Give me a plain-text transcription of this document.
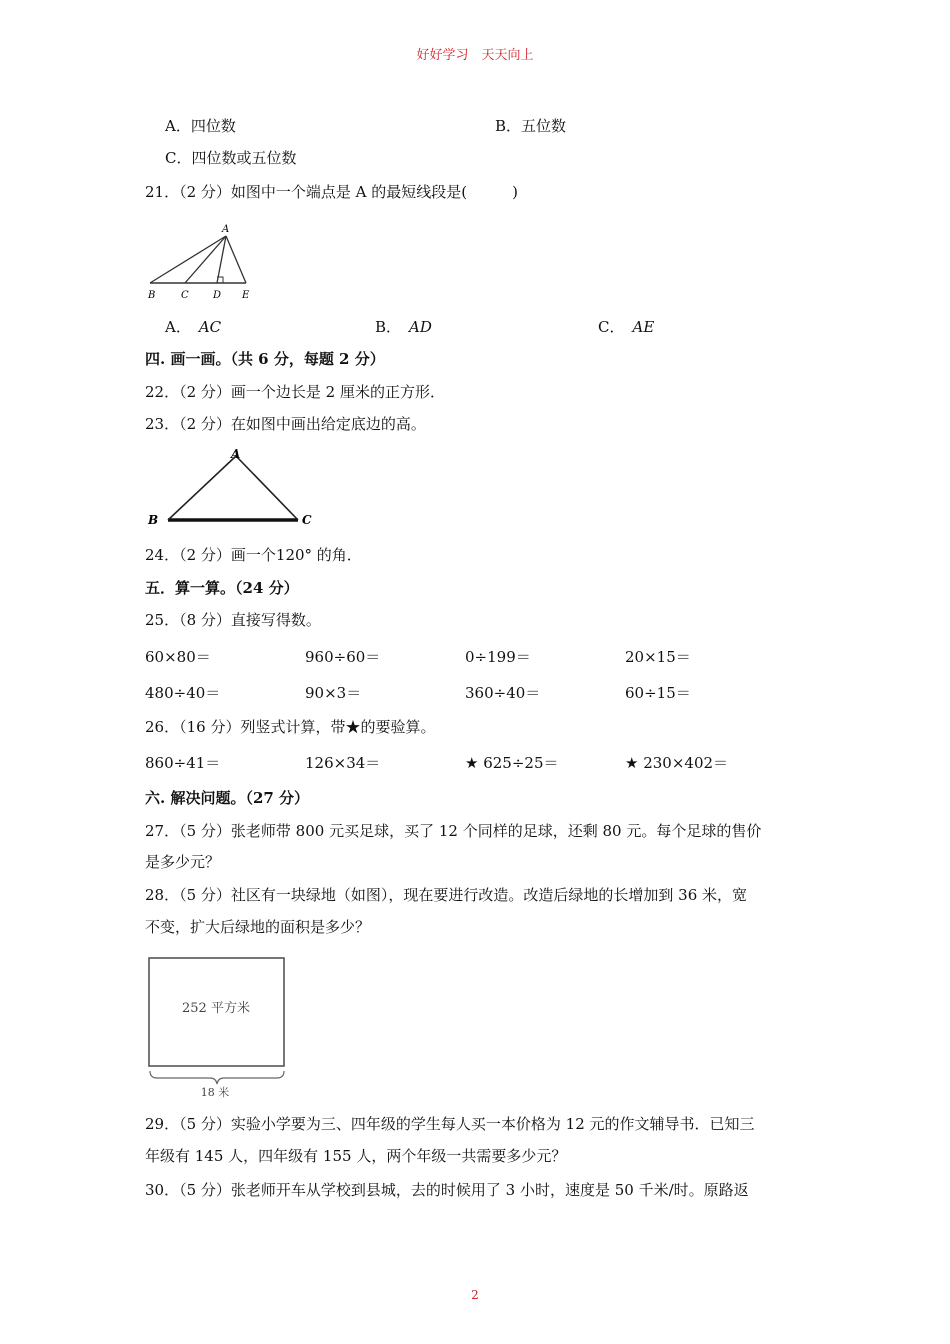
好好学习　天天向上
A．四位数	B．五位数
C．四位数或五位数
21．（2 分）如图中一个端点是 A 的最短线段是(　　　)
A
B	C D E
A． AC	B． AD	C． AE
四. 画一画。（共 6 分，每题 2 分）
22．（2 分）画一个边长是 2 厘米的正方形．
23．（2 分）在如图中画出给定底边的高。
A
B	C
24．（2 分）画一个120° 的角．
五．算一算。（24 分）
25．（8 分）直接写得数。
60×80＝	960÷60＝	0÷199＝	20×15＝
480÷40＝	90×3＝	360÷40＝	60÷15＝
26．（16 分）列竖式计算，带★的要验算。
860÷41＝	126×34＝	★ 625÷25＝	★ 230×402＝
六. 解决问题。（27 分）
27．（5 分）张老师带 800 元买足球，买了 12 个同样的足球，还剩 80 元。每个足球的售价
是多少元？
28．（5 分）社区有一块绿地（如图），现在要进行改造。改造后绿地的长增加到 36 米，宽
不变，扩大后绿地的面积是多少？
252 平方米
18 米
29．（5 分）实验小学要为三、四年级的学生每人买一本价格为 12 元的作文辅导书．已知三
年级有 145 人，四年级有 155 人，两个年级一共需要多少元？
30．（5 分）张老师开车从学校到县城，去的时候用了 3 小时，速度是 50 千米/时。原路返
2
